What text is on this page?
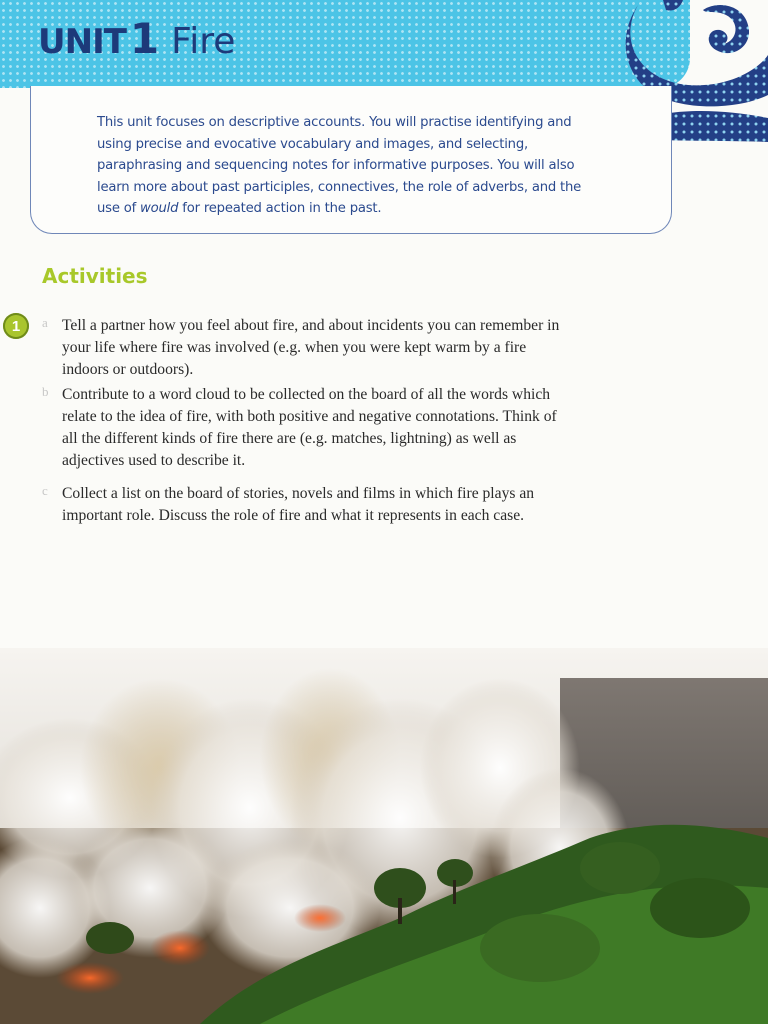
UNIT 1 Fire

This unit focuses on descriptive accounts. You will practise identifying and using precise and evocative vocabulary and images, and selecting, paraphrasing and sequencing notes for informative purposes. You will also learn more about past participles, connectives, the role of adverbs, and the use of would for repeated action in the past.

Activities
1	a Tell a partner how you feel about fire, and about incidents you can remember in your life where fire was involved (e.g. when you were kept warm by a fire indoors or outdoors).

b Contribute to a word cloud to be collected on the board of all the words which relate to the idea of fire, with both positive and negative connotations. Think of all the different kinds of fire there are (e.g. matches, lightning) as well as adjectives used to describe it.

c Collect a list on the board of stories, novels and films in which fire plays an important role. Discuss the role of fire and what it represents in each case.
